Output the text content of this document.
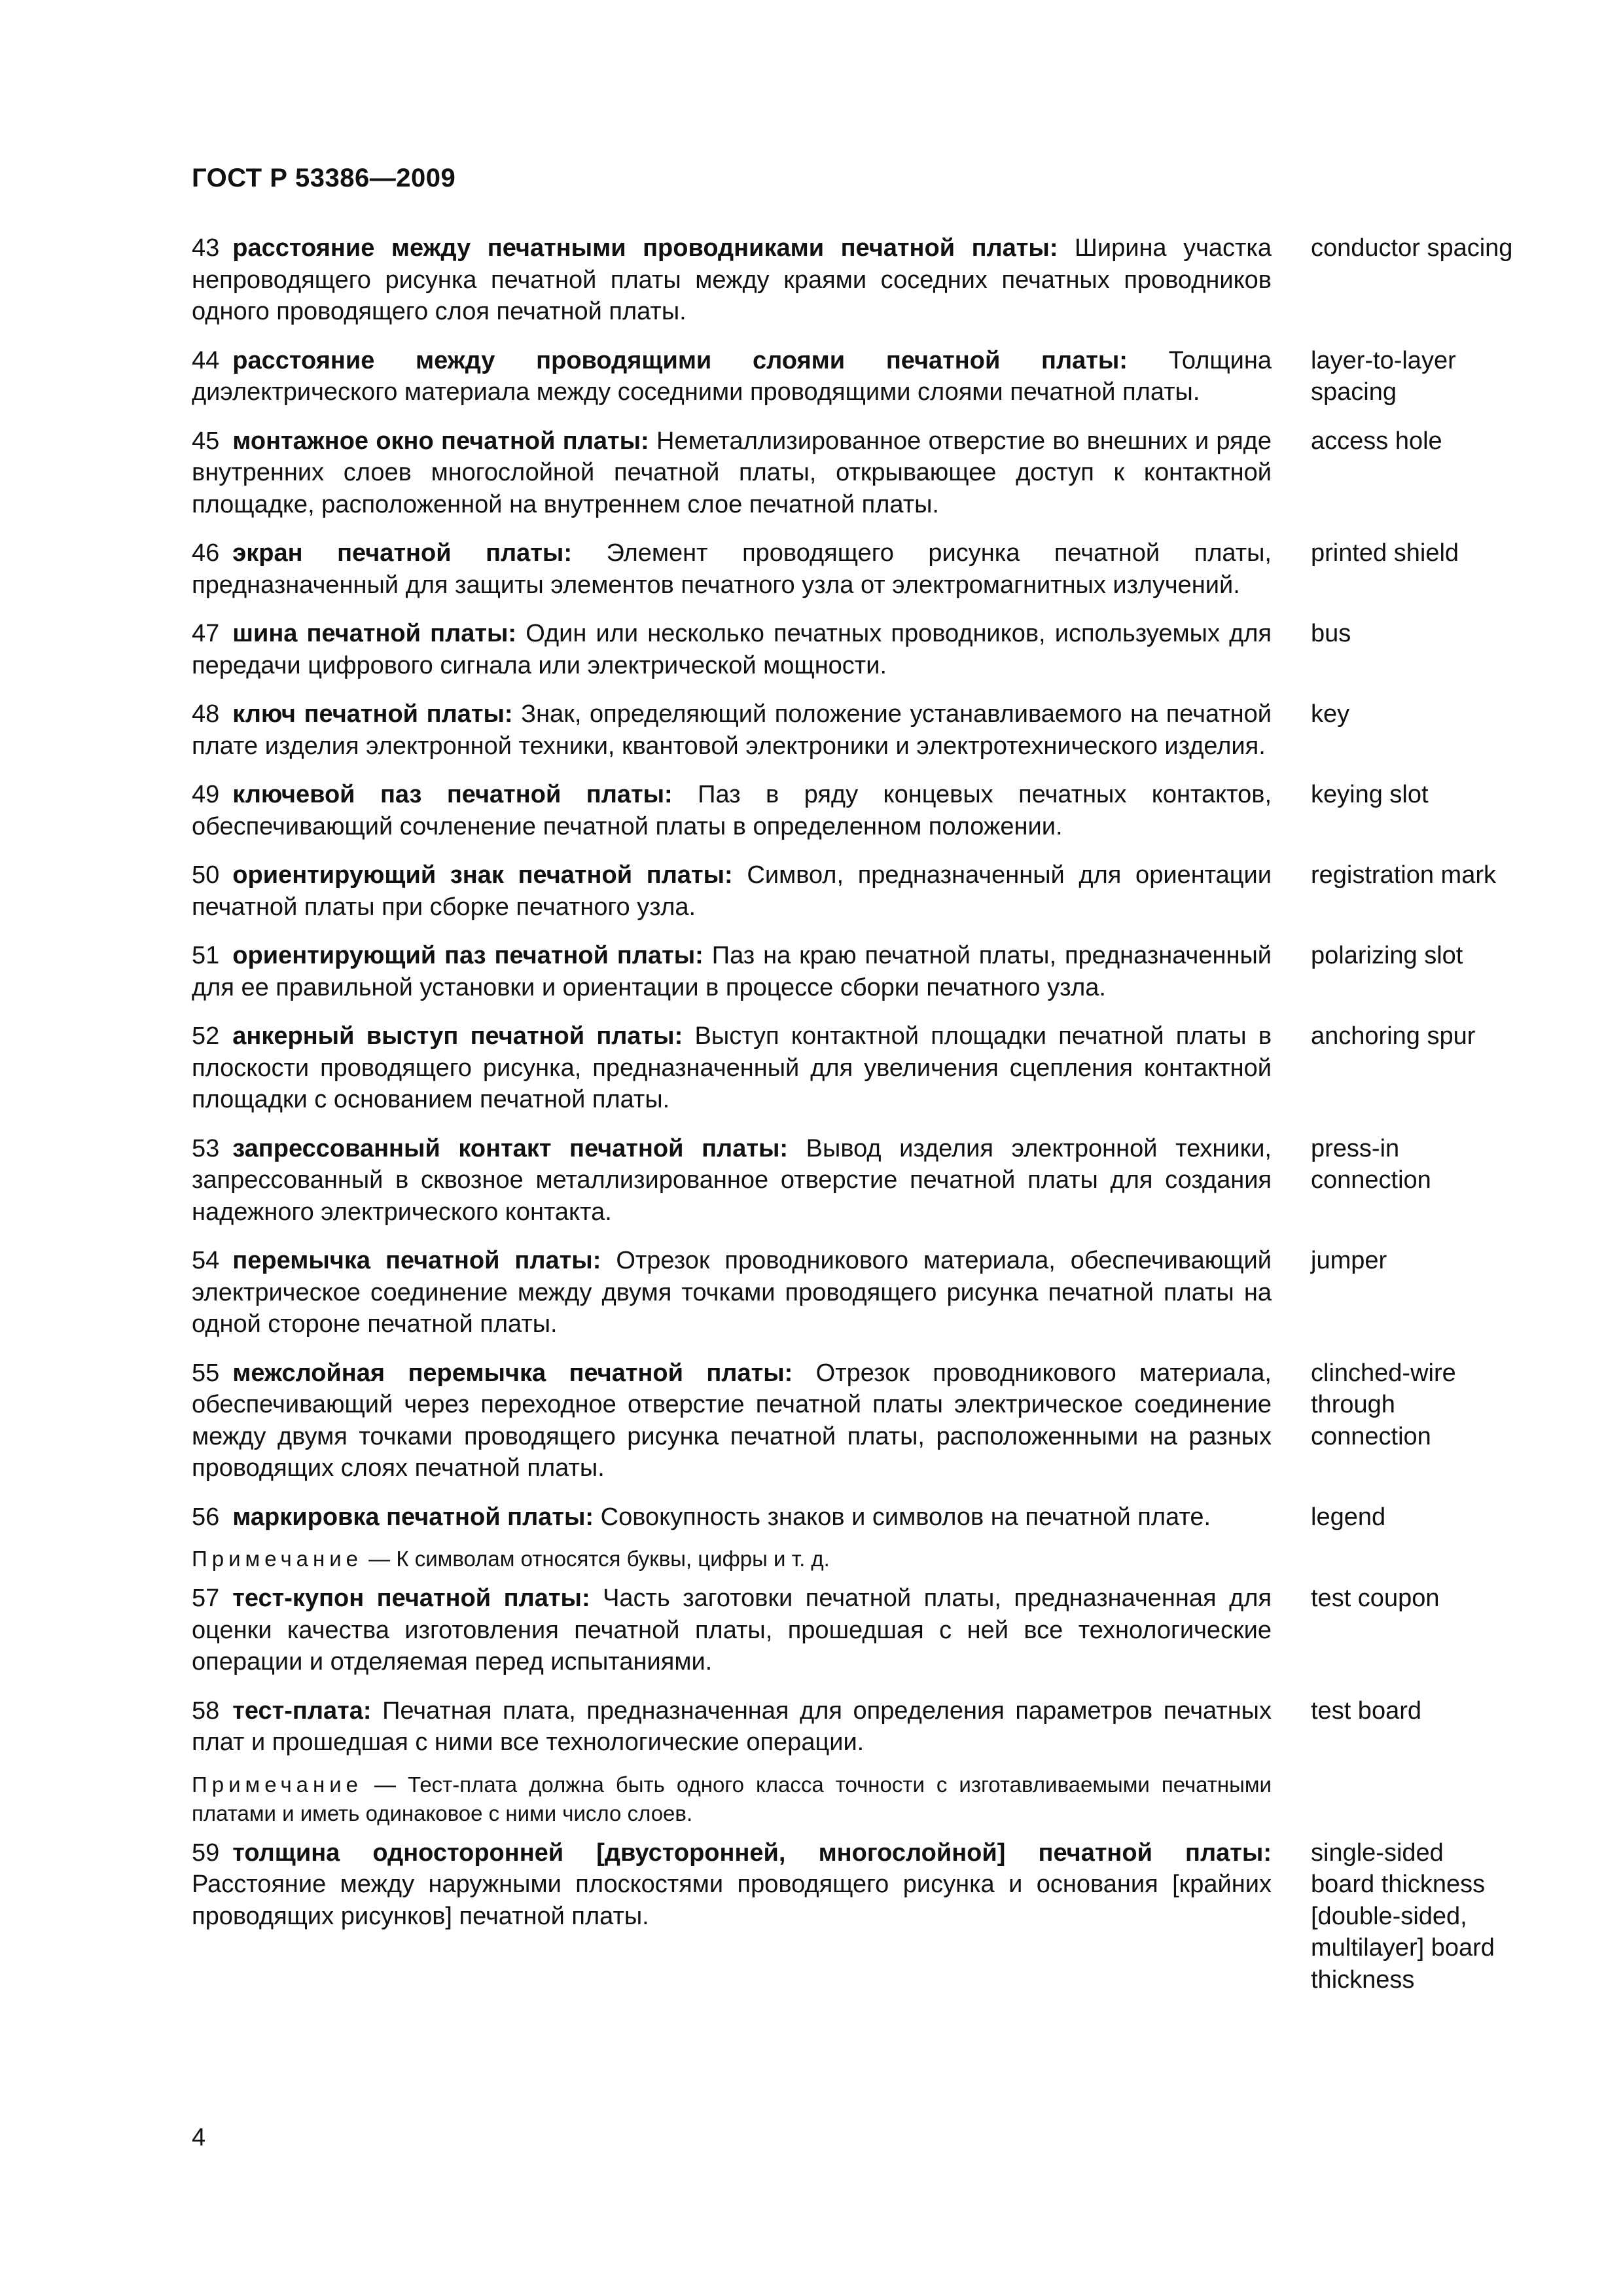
ГОСТ Р 53386—2009
43 расстояние между печатными проводниками печатной платы: Ширина участка непроводящего рисунка печатной платы между краями соседних печатных проводников одного проводящего слоя печатной платы.
conductor spacing
44 расстояние между проводящими слоями печатной платы: Толщина диэлектрического материала между соседними проводящими слоями печатной платы.
layer-to-layer spacing
45 монтажное окно печатной платы: Неметаллизированное отверстие во внешних и ряде внутренних слоев многослойной печатной платы, открывающее доступ к контактной площадке, расположенной на внутреннем слое печатной платы.
access hole
46 экран печатной платы: Элемент проводящего рисунка печатной платы, предназначенный для защиты элементов печатного узла от электромагнитных излучений.
printed shield
47 шина печатной платы: Один или несколько печатных проводников, используемых для передачи цифрового сигнала или электрической мощности.
bus
48 ключ печатной платы: Знак, определяющий положение устанавливаемого на печатной плате изделия электронной техники, квантовой электроники и электротехнического изделия.
key
49 ключевой паз печатной платы: Паз в ряду концевых печатных контактов, обеспечивающий сочленение печатной платы в определенном положении.
keying slot
50 ориентирующий знак печатной платы: Символ, предназначенный для ориентации печатной платы при сборке печатного узла.
registration mark
51 ориентирующий паз печатной платы: Паз на краю печатной платы, предназначенный для ее правильной установки и ориентации в процессе сборки печатного узла.
polarizing slot
52 анкерный выступ печатной платы: Выступ контактной площадки печатной платы в плоскости проводящего рисунка, предназначенный для увеличения сцепления контактной площадки с основанием печатной платы.
anchoring spur
53 запрессованный контакт печатной платы: Вывод изделия электронной техники, запрессованный в сквозное металлизированное отверстие печатной платы для создания надежного электрического контакта.
press-in connection
54 перемычка печатной платы: Отрезок проводникового материала, обеспечивающий электрическое соединение между двумя точками проводящего рисунка печатной платы на одной стороне печатной платы.
jumper
55 межслойная перемычка печатной платы: Отрезок проводникового материала, обеспечивающий через переходное отверстие печатной платы электрическое соединение между двумя точками проводящего рисунка печатной платы, расположенными на разных проводящих слоях печатной платы.
clinched-wire through connection
56 маркировка печатной платы: Совокупность знаков и символов на печатной плате.	legend
Примечание — К символам относятся буквы, цифры и т. д.
57 тест-купон печатной платы: Часть заготовки печатной платы, предназначенная для оценки качества изготовления печатной платы, прошедшая с ней все технологические операции и отделяемая перед испытаниями.
test coupon
58 тест-плата: Печатная плата, предназначенная для определения параметров печатных плат и прошедшая с ними все технологические операции.
test board
Примечание — Тест-плата должна быть одного класса точности с изготавливаемыми печатными платами и иметь одинаковое с ними число слоев.
59 толщина односторонней [двусторонней, многослойной] печатной платы: Расстояние между наружными плоскостями проводящего рисунка и основания [крайних проводящих рисунков] печатной платы.
single-sided board thickness [double-sided, multilayer] board thickness
4
